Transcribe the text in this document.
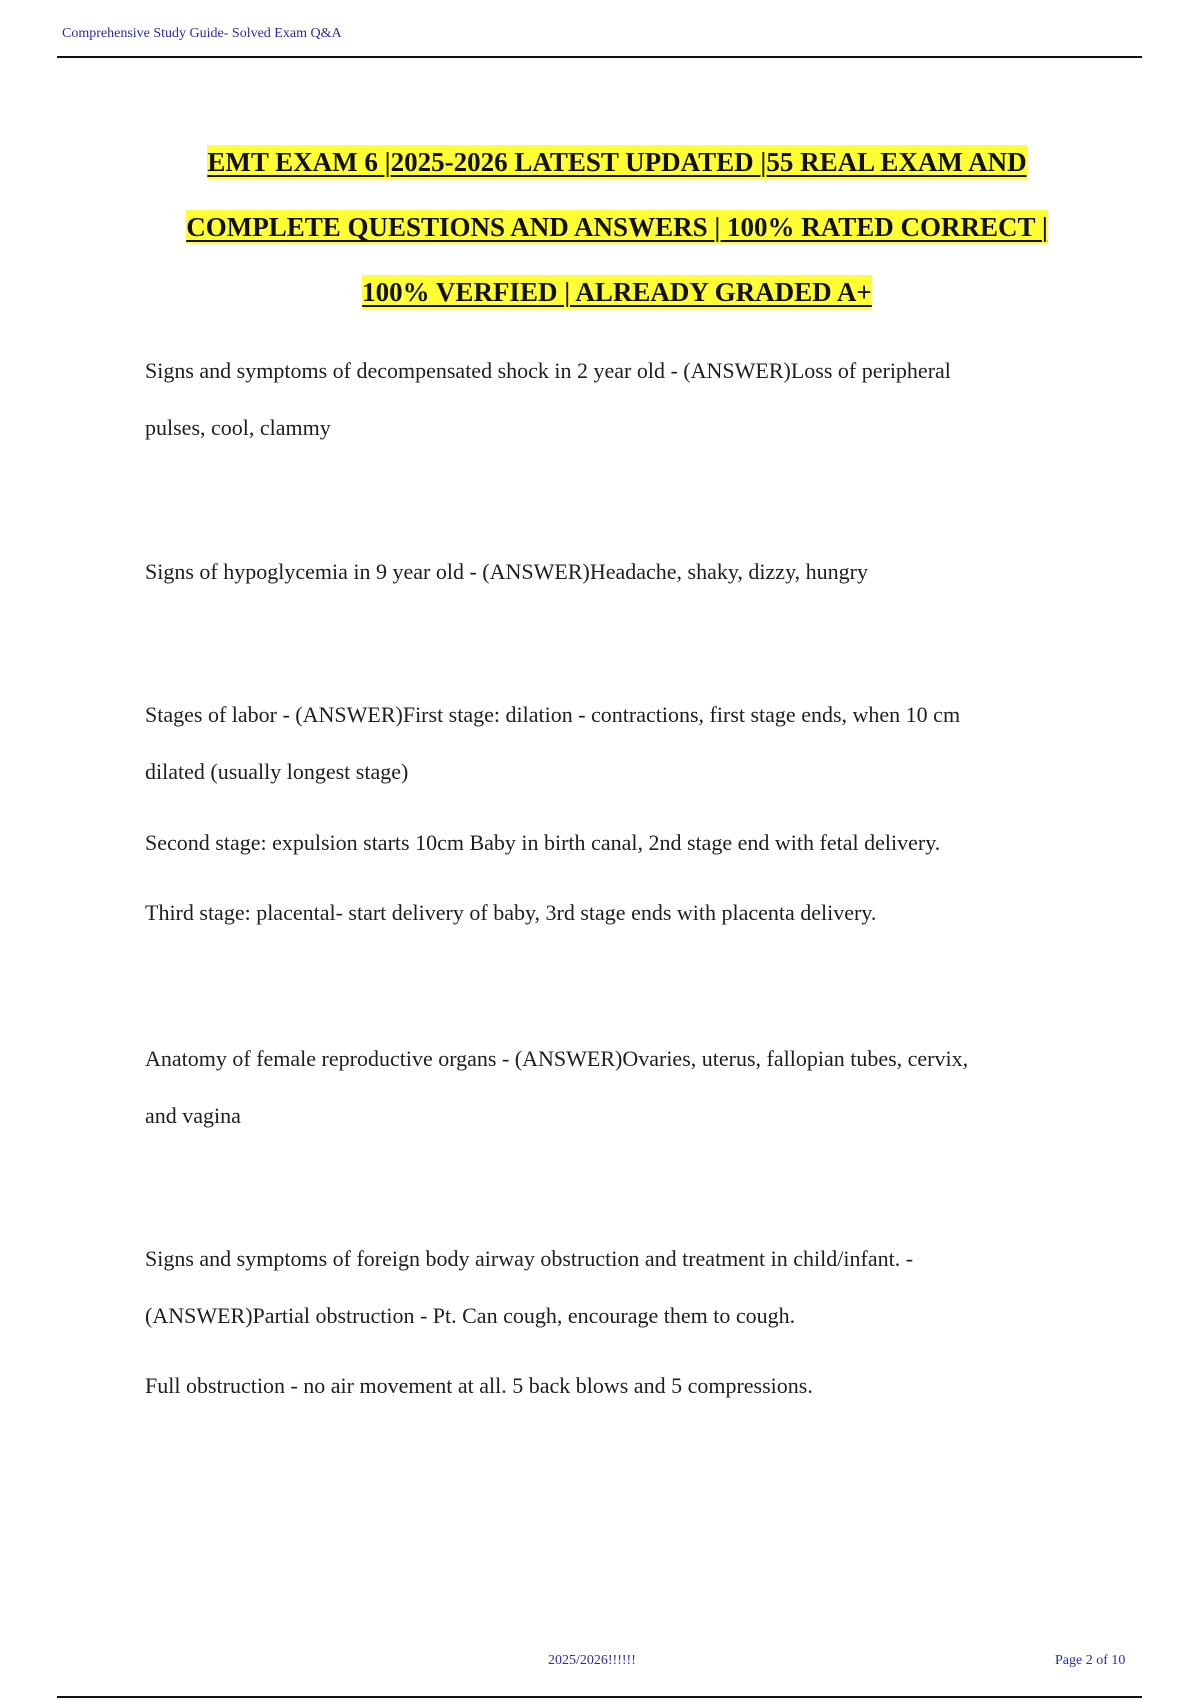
Comprehensive Study Guide- Solved Exam Q&A
EMT EXAM 6 |2025-2026 LATEST UPDATED |55 REAL EXAM AND
COMPLETE QUESTIONS AND ANSWERS | 100% RATED CORRECT |
100% VERFIED | ALREADY GRADED A+
Signs and symptoms of decompensated shock in 2 year old - (ANSWER)Loss of peripheral
pulses, cool, clammy
Signs of hypoglycemia in 9 year old - (ANSWER)Headache, shaky, dizzy, hungry
Stages of labor - (ANSWER)First stage: dilation - contractions, first stage ends, when 10 cm
dilated (usually longest stage)
Second stage: expulsion starts 10cm Baby in birth canal, 2nd stage end with fetal delivery.
Third stage: placental- start delivery of baby, 3rd stage ends with placenta delivery.
Anatomy of female reproductive organs - (ANSWER)Ovaries, uterus, fallopian tubes, cervix,
and vagina
Signs and symptoms of foreign body airway obstruction and treatment in child/infant. -
(ANSWER)Partial obstruction - Pt. Can cough, encourage them to cough.
Full obstruction - no air movement at all. 5 back blows and 5 compressions.
2025/2026!!!!!!	Page 2 of 10
